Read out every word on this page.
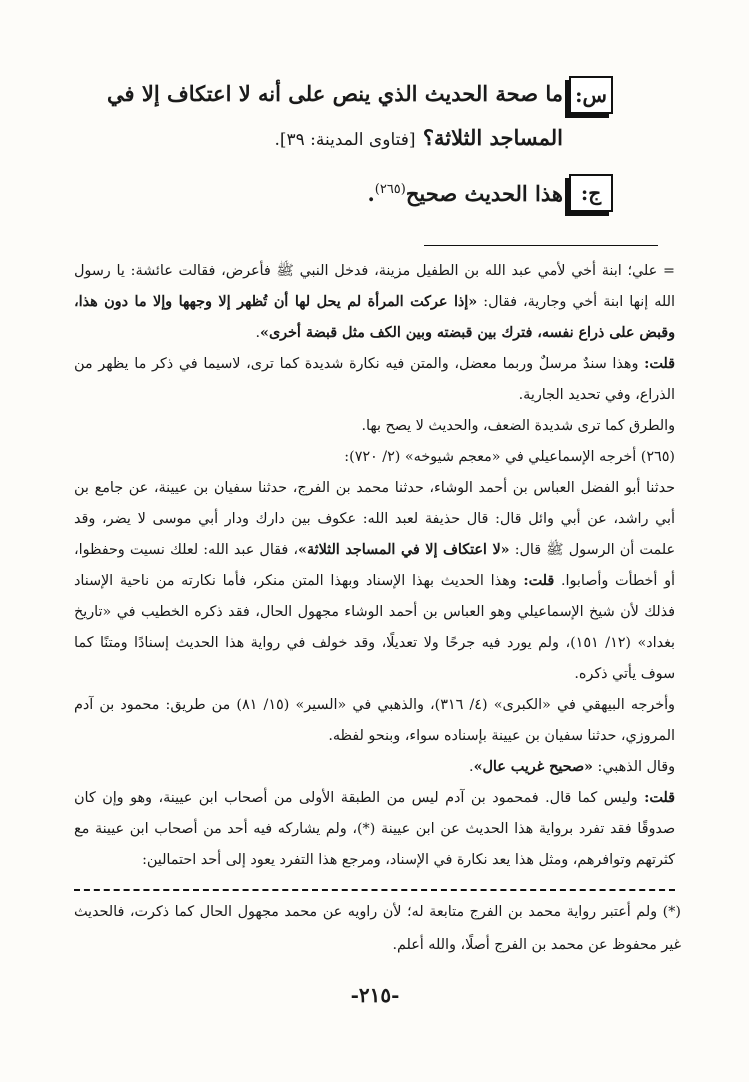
س:
ما صحة الحديث الذي ينص على أنه لا اعتكاف إلا في المساجد الثلاثة؟ [فتاوى المدينة: ٣٩].
ج:
هذا الحديث صحيح$^{(٢٦٥)}$.

= علي؛ ابنة أخي لأمي عبد الله بن الطفيل مزينة، فدخل النبي ﷺ فأعرض، فقالت عائشة: يا رسول الله إنها ابنة أخي وجارية، فقال: «إذا عركت المرأة لم يحل لها أن تُظهر إلا وجهها وإلا ما دون هذا، وقبض على ذراع نفسه، فترك بين قبضته وبين الكف مثل قبضة أخرى».

قلت: وهذا سندٌ مرسلٌ وربما معضل، والمتن فيه نكارة شديدة كما ترى، لاسيما في ذكر ما يظهر من الذراع، وفي تحديد الجارية.

والطرق كما ترى شديدة الضعف، والحديث لا يصح بها.

(٢٦٥) أخرجه الإسماعيلي في «معجم شيوخه» (٢/ ٧٢٠):

حدثنا أبو الفضل العباس بن أحمد الوشاء، حدثنا محمد بن الفرج، حدثنا سفيان بن عيينة، عن جامع بن أبي راشد، عن أبي وائل قال: قال حذيفة لعبد الله: عكوف بين دارك ودار أبي موسى لا يضر، وقد علمت أن الرسول ﷺ قال: «لا اعتكاف إلا في المساجد الثلاثة»، فقال عبد الله: لعلك نسيت وحفظوا، أو أخطأت وأصابوا. قلت: وهذا الحديث بهذا الإسناد وبهذا المتن منكر، فأما نكارته من ناحية الإسناد فذلك لأن شيخ الإسماعيلي وهو العباس بن أحمد الوشاء مجهول الحال، فقد ذكره الخطيب في «تاريخ بغداد» (١٢/ ١٥١)، ولم يورد فيه جرحًا ولا تعديلًا، وقد خولف في رواية هذا الحديث إسنادًا ومتنًا كما سوف يأتي ذكره.

وأخرجه البيهقي في «الكبرى» (٤/ ٣١٦)، والذهبي في «السير» (١٥/ ٨١) من طريق: محمود بن آدم المروزي، حدثنا سفيان بن عيينة بإسناده سواء، وبنحو لفظه.

وقال الذهبي: «صحيح غريب عال».

قلت: وليس كما قال. فمحمود بن آدم ليس من الطبقة الأولى من أصحاب ابن عيينة، وهو وإن كان صدوقًا فقد تفرد برواية هذا الحديث عن ابن عيينة (*)، ولم يشاركه فيه أحد من أصحاب ابن عيينة مع كثرتهم وتوافرهم، ومثل هذا يعد نكارة في الإسناد، ومرجع هذا التفرد يعود إلى أحد احتمالين:

(*) ولم أعتبر رواية محمد بن الفرج متابعة له؛ لأن راويه عن محمد مجهول الحال كما ذكرت، فالحديث غير محفوظ عن محمد بن الفرج أصلًا، والله أعلم.

-٢١٥-
